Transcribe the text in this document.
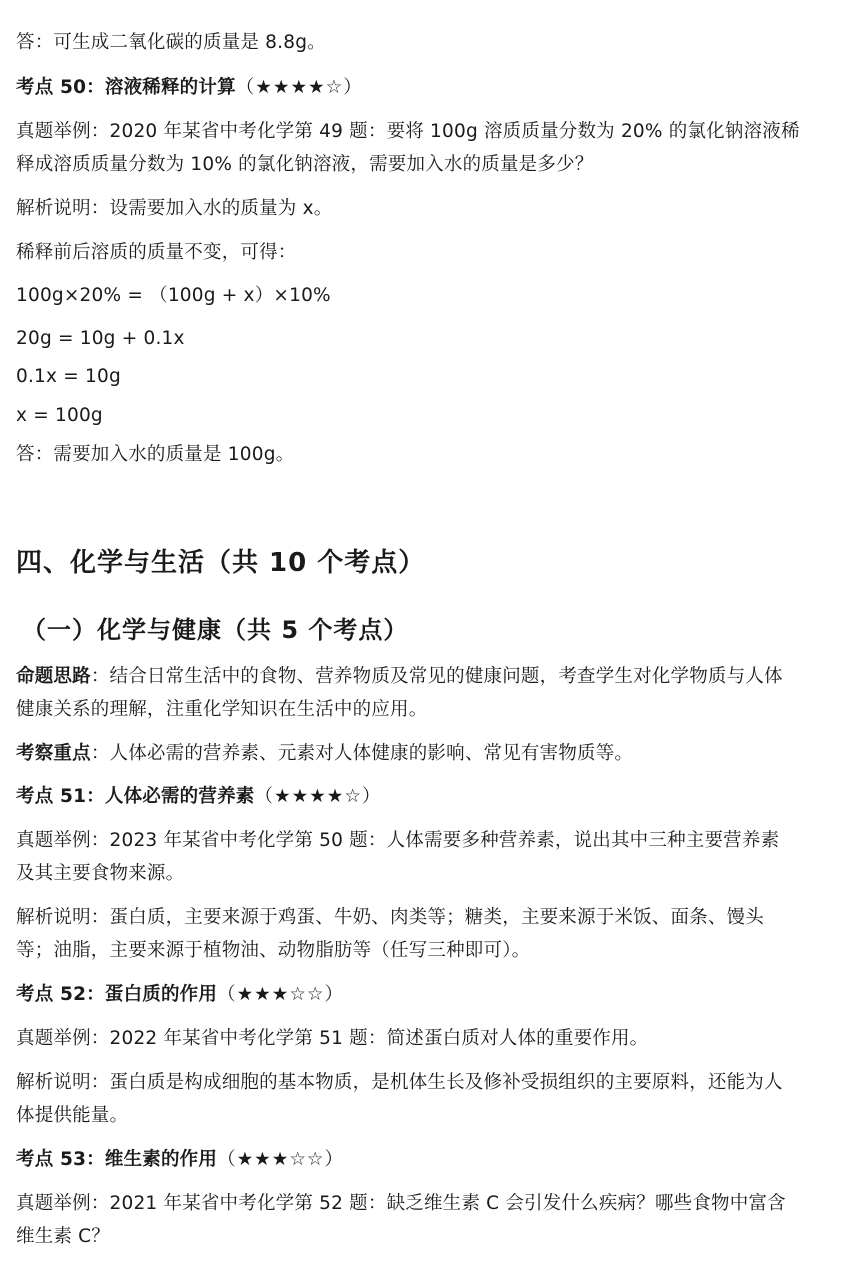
答：可生成二氧化碳的质量是 8.8g。
考点 50：溶液稀释的计算（★★★★☆）
真题举例：2020 年某省中考化学第 49 题：要将 100g 溶质质量分数为 20% 的氯化钠溶液稀
释成溶质质量分数为 10% 的氯化钠溶液，需要加入水的质量是多少？
解析说明：设需要加入水的质量为 x。
稀释前后溶质的质量不变，可得：
100g×20% = （100g + x）×10%
20g = 10g + 0.1x
0.1x = 10g
x = 100g
答：需要加入水的质量是 100g。
四、化学与生活（共 10 个考点）
（一）化学与健康（共 5 个考点）
命题思路：结合日常生活中的食物、营养物质及常见的健康问题，考查学生对化学物质与人体
健康关系的理解，注重化学知识在生活中的应用。
考察重点：人体必需的营养素、元素对人体健康的影响、常见有害物质等。
考点 51：人体必需的营养素（★★★★☆）
真题举例：2023 年某省中考化学第 50 题：人体需要多种营养素，说出其中三种主要营养素
及其主要食物来源。
解析说明：蛋白质，主要来源于鸡蛋、牛奶、肉类等；糖类，主要来源于米饭、面条、馒头
等；油脂，主要来源于植物油、动物脂肪等（任写三种即可）。
考点 52：蛋白质的作用（★★★☆☆）
真题举例：2022 年某省中考化学第 51 题：简述蛋白质对人体的重要作用。
解析说明：蛋白质是构成细胞的基本物质，是机体生长及修补受损组织的主要原料，还能为人
体提供能量。
考点 53：维生素的作用（★★★☆☆）
真题举例：2021 年某省中考化学第 52 题：缺乏维生素 C 会引发什么疾病？哪些食物中富含
维生素 C？
